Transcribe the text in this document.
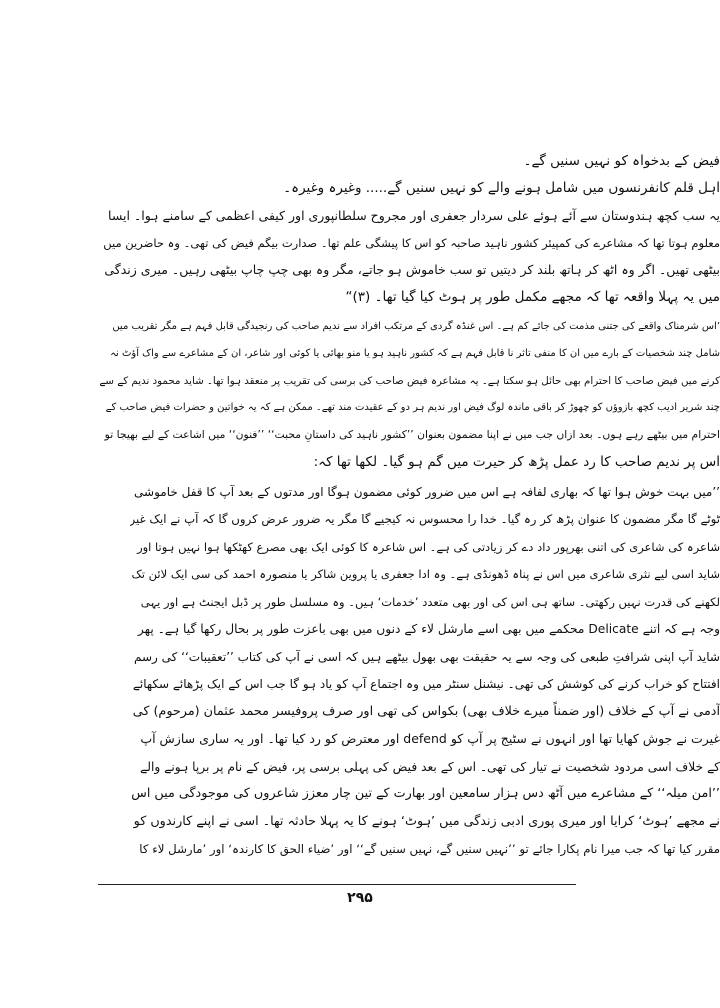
فیض کے بدخواہ کو نہیں سنیں گے۔
اہل قلم کانفرنسوں میں شامل ہونے والے کو نہیں سنیں گے..... وغیرہ وغیرہ۔
یہ سب کچھ ہندوستان سے آئے ہوئے علی سردار جعفری اور مجروح سلطانپوری اور کیفی اعظمی کے سامنے ہوا۔ ایسا
معلوم ہوتا تھا کہ مشاعرے کی کمپیئر کشور ناہید صاحبہ کو اس کا پیشگی علم تھا۔ صدارت بیگم فیض کی تھی۔ وہ حاضرین میں
بیٹھی تھیں۔ اگر وہ اٹھ کر ہاتھ بلند کر دیتیں تو سب خاموش ہو جاتے، مگر وہ بھی چپ چاپ بیٹھی رہیں۔ میری زندگی
میں یہ پہلا واقعہ تھا کہ مجھے مکمل طور پر ہوٹ کیا گیا تھا۔ (۳)“
’اس شرمناک واقعے کی جتنی مذمت کی جائے کم ہے۔ اس غنڈہ گردی کے مرتکب افراد سے ندیم صاحب کی رنجیدگی قابل فہم ہے مگر تقریب میں
شامل چند شخصیات کے بارے میں ان کا منفی تاثر نا قابل فہم ہے کہ کشور ناہید ہو یا منو بھائی یا کوئی اور شاعر، ان کے مشاعرے سے واک آؤٹ نہ
کرنے میں فیض صاحب کا احترام بھی حائل ہو سکتا ہے۔ یہ مشاعرہ فیض صاحب کی برسی کی تقریب پر منعقد ہوا تھا۔ شاید محمود ندیم کے سے
چند شریر ادیب کچھ بازوؤں کو چھوڑ کر باقی ماندہ لوگ فیض اور ندیم ہر دو کے عقیدت مند تھے۔ ممکن ہے کہ یہ خواتین و حضرات فیض صاحب کے
احترام میں بیٹھے رہے ہوں۔ بعد ازاں جب میں نے اپنا مضمون بعنوان ’’کشور ناہید کی داستانِ محبت‘‘ ’’فنون‘‘ میں اشاعت کے لیے بھیجا تو
اس پر ندیم صاحب کا رد عمل پڑھ کر حیرت میں گم ہو گیا۔ لکھا تھا کہ:
’’میں بہت خوش ہوا تھا کہ بھاری لفافہ ہے اس میں ضرور کوئی مضمون ہوگا اور مدتوں کے بعد آپ کا قفل خاموشی
ٹوٹے گا مگر مضمون کا عنوان پڑھ کر رہ گیا۔ خدا را محسوس نہ کیجیے گا مگر یہ ضرور عرض کروں گا کہ آپ نے ایک غیر
شاعرہ کی شاعری کی اتنی بھرپور داد دے کر زیادتی کی ہے۔ اس شاعرہ کا کوئی ایک بھی مصرع کھٹکھا ہوا نہیں ہوتا اور
شاید اسی لیے نثری شاعری میں اس نے پناہ ڈھونڈی ہے۔ وہ ادا جعفری یا پروین شاکر یا منصورہ احمد کی سی ایک لائن تک
لکھنے کی قدرت نہیں رکھتی۔ ساتھ ہی اس کی اور بھی متعدد ’خدمات‘ ہیں۔ وہ مسلسل طور پر ڈبل ایجنٹ ہے اور یہی
وجہ ہے کہ اتنے Delicate محکمے میں بھی اسے مارشل لاء کے دنوں میں بھی باعزت طور پر بحال رکھا گیا ہے۔ پھر
شاید آپ اپنی شرافتِ طبعی کی وجہ سے یہ حقیقت بھی بھول بیٹھے ہیں کہ اسی نے آپ کی کتاب ’’تعقیبات‘‘ کی رسم
افتتاح کو خراب کرنے کی کوشش کی تھی۔ نیشنل سنٹر میں وہ اجتماع آپ کو یاد ہو گا جب اس کے ایک پڑھائے سکھائے
آدمی نے آپ کے خلاف (اور ضمناً میرے خلاف بھی) بکواس کی تھی اور صرف پروفیسر محمد عثمان (مرحوم) کی
غیرت نے جوش کھایا تھا اور انہوں نے سٹیج پر آپ کو defend اور معترض کو رد کیا تھا۔ اور یہ ساری سازش آپ
کے خلاف اسی مردود شخصیت نے تیار کی تھی۔ اس کے بعد فیض کی پہلی برسی پر، فیض کے نام پر برپا ہونے والے
’’امن میلہ‘‘ کے مشاعرے میں آٹھ دس ہزار سامعین اور بھارت کے تین چار معزز شاعروں کی موجودگی میں اس
نے مجھے ’ہوٹ‘ کرایا اور میری پوری ادبی زندگی میں ’ہوٹ‘ ہونے کا یہ پہلا حادثہ تھا۔ اسی نے اپنے کارندوں کو
مقرر کیا تھا کہ جب میرا نام پکارا جائے تو ’’نہیں سنیں گے، نہیں سنیں گے‘‘ اور ’ضیاء الحق کا کارندہ‘ اور ’مارشل لاء کا
۲۹۵
